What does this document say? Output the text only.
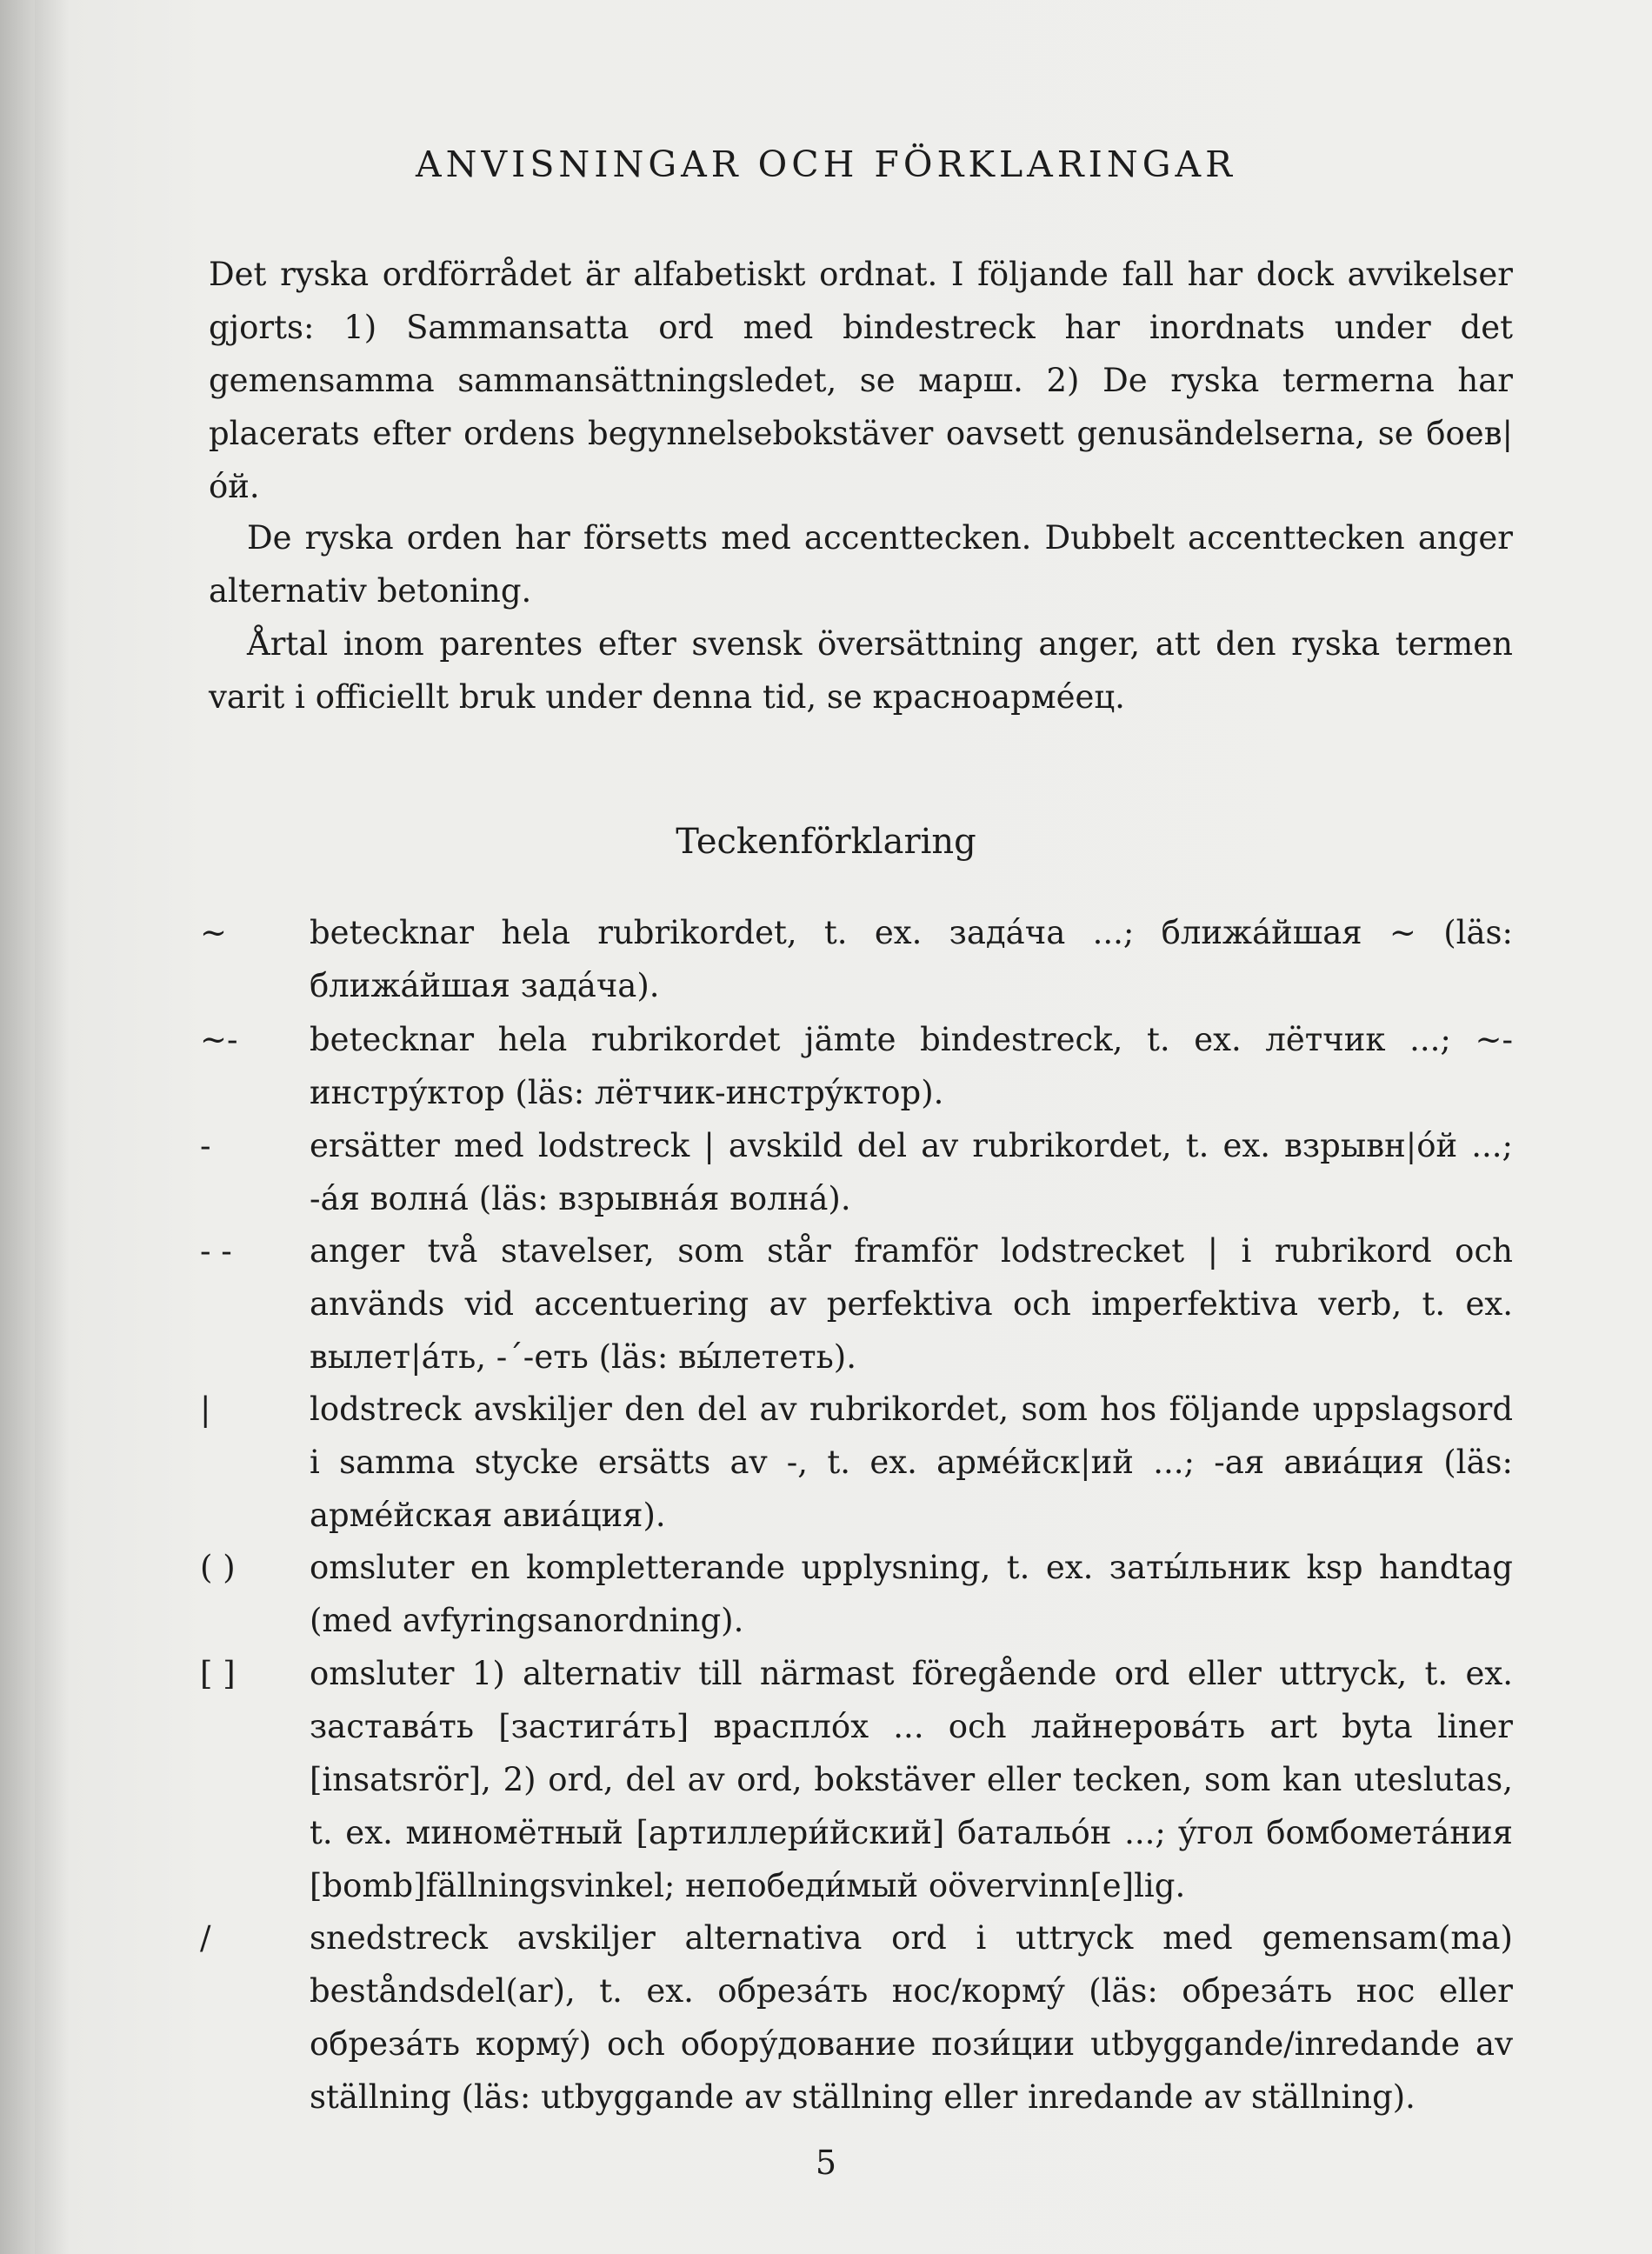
ANVISNINGAR OCH FÖRKLARINGAR

Det ryska ordförrådet är alfabetiskt ordnat. I följande fall har dock avvikelser gjorts: 1) Sammansatta ord med bindestreck har inordnats under det gemensamma sammansättningsledet, se марш. 2) De ryska termerna har placerats efter ordens begynnelsebokstäver oavsett genusändelserna, se боев|óй.

De ryska orden har försetts med accenttecken. Dubbelt accenttecken anger alternativ betoning.

Årtal inom parentes efter svensk översättning anger, att den ryska termen varit i officiellt bruk under denna tid, se красноармéец.

Teckenförklaring
~	betecknar hela rubrikordet, t. ex. задáча ...; ближáйшая ~ (läs: ближáйшая задáча).
~-	betecknar hela rubrikordet jämte bindestreck, t. ex. лётчик ...; ~-инстрýктор (läs: лётчик-инстрýктор).
-	ersätter med lodstreck | avskild del av rubrikordet, t. ex. взрывн|óй ...; -áя волнá (läs: взрывнáя волнá).
- -	anger två stavelser, som står framför lodstrecket | i rubrikord och används vid accentuering av perfektiva och imperfektiva verb, t. ex. вылет|áть, -´-еть (läs: вы́лететь).
|	lodstreck avskiljer den del av rubrikordet, som hos följande uppslagsord i samma stycke ersätts av -, t. ex. армéйск|ий ...; -ая авиáция (läs: армéйская авиáция).
( )	omsluter en kompletterande upplysning, t. ex. заты́льник ksp handtag (med avfyringsanordning).
[ ]	omsluter 1) alternativ till närmast föregående ord eller uttryck, t. ex. заставáть [застигáть] враспло́х ... och лайнеровáть art byta liner [insatsrör], 2) ord, del av ord, bokstäver eller tecken, som kan uteslutas, t. ex. миномётный [артиллери́йский] батальóн ...; ýгол бомбометáния [bomb]fällningsvinkel; непобеди́мый oövervinn[e]lig.
/	snedstreck avskiljer alternativa ord i uttryck med gemensam(ma) beståndsdel(ar), t. ex. обрезáть нос/кормý (läs: обрезáть нос eller обрезáть кормý) och оборýдование пози́ции utbyggande/inredande av ställning (läs: utbyggande av ställning eller inredande av ställning).
5
